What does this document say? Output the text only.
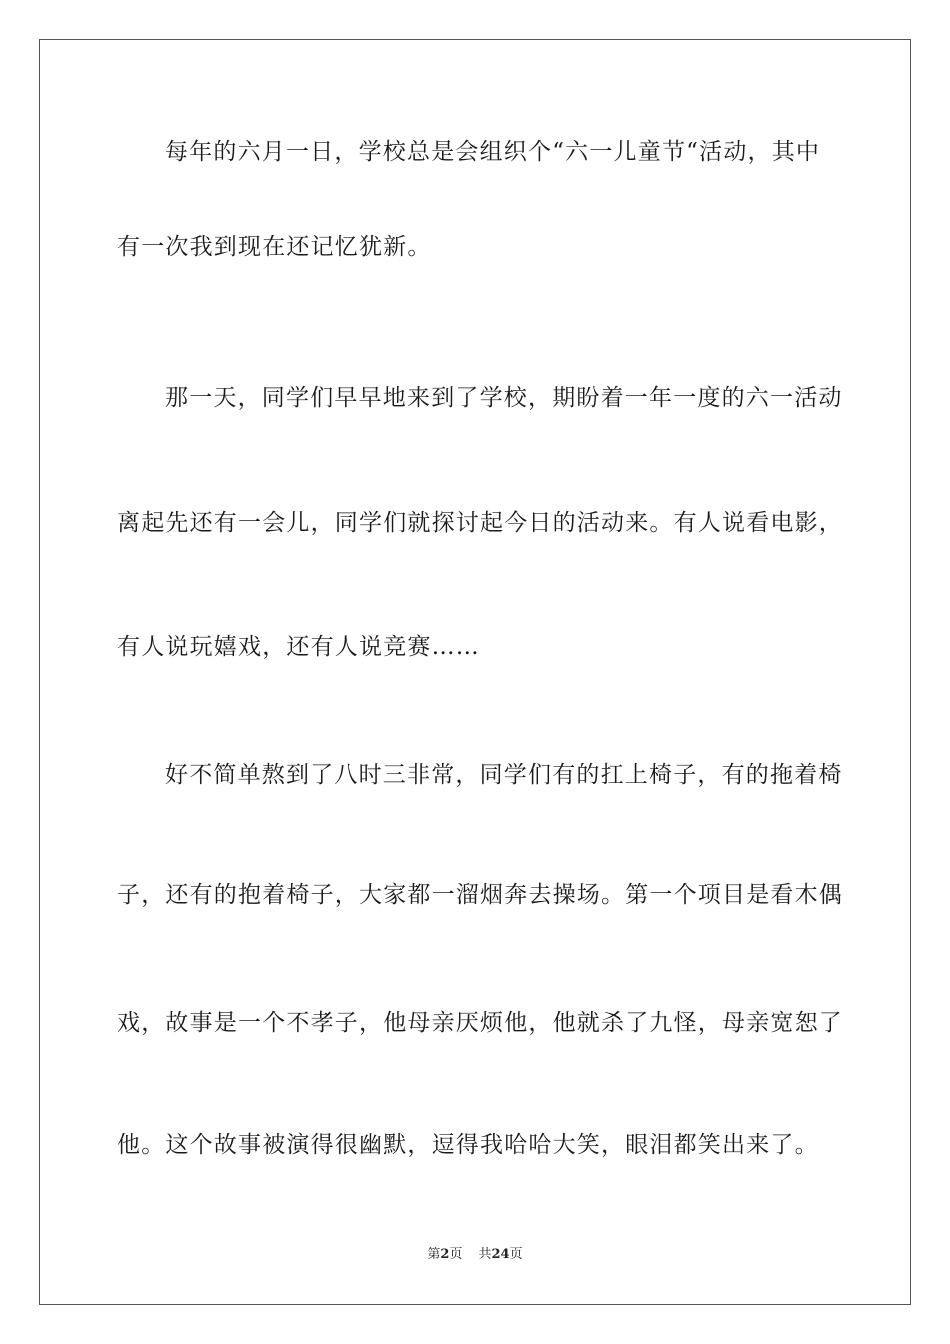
每年的六月一日，学校总是会组织个“六一儿童节“活动，其中
有一次我到现在还记忆犹新。
那一天，同学们早早地来到了学校，期盼着一年一度的六一活动
离起先还有一会儿，同学们就探讨起今日的活动来。有人说看电影，
有人说玩嬉戏，还有人说竞赛……
好不简单熬到了八时三非常，同学们有的扛上椅子，有的拖着椅
子，还有的抱着椅子，大家都一溜烟奔去操场。第一个项目是看木偶
戏，故事是一个不孝子，他母亲厌烦他，他就杀了九怪，母亲宽恕了
他。这个故事被演得很幽默，逗得我哈哈大笑，眼泪都笑出来了。
第2页 共24页
